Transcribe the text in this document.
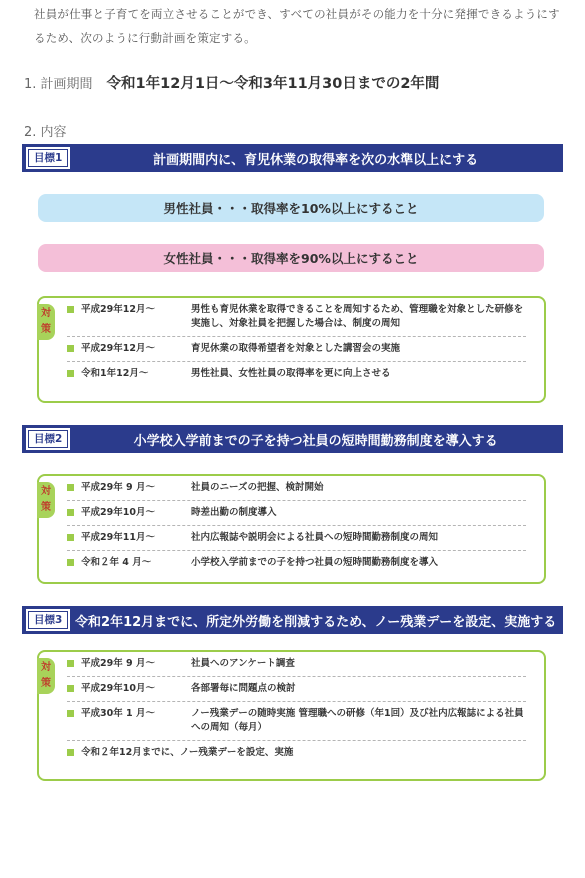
社員が仕事と子育てを両立させることができ、すべての社員がその能力を十分に発揮できるようにするため、次のように行動計画を策定する。
1. 計画期間 令和1年12月1日〜令和3年11月30日までの2年間
2. 内容
目標1	計画期間内に、育児休業の取得率を次の水準以上にする
男性社員・・・取得率を10%以上にすること
女性社員・・・取得率を90%以上にすること
対策
平成29年12月〜	男性も育児休業を取得できることを周知するため、管理職を対象とした研修を実施し、対象社員を把握した場合は、制度の周知
平成29年12月〜	育児休業の取得希望者を対象とした講習会の実施
令和1年12月〜	男性社員、女性社員の取得率を更に向上させる
目標2	小学校入学前までの子を持つ社員の短時間勤務制度を導入する
対策
平成29年 9 月〜	社員のニーズの把握、検討開始
平成29年10月〜	時差出勤の制度導入
平成29年11月〜	社内広報誌や説明会による社員への短時間勤務制度の周知
令和２年 4 月〜	小学校入学前までの子を持つ社員の短時間勤務制度を導入
目標3 令和2年12月までに、所定外労働を削減するため、ノー残業デーを設定、実施する
対策
平成29年 9 月〜	社員へのアンケート調査
平成29年10月〜	各部署毎に問題点の検討
平成30年 1 月〜	ノー残業デーの随時実施 管理職への研修（年1回）及び社内広報誌による社員への周知（毎月）
令和２年12月までに、ノー残業デーを設定、実施
